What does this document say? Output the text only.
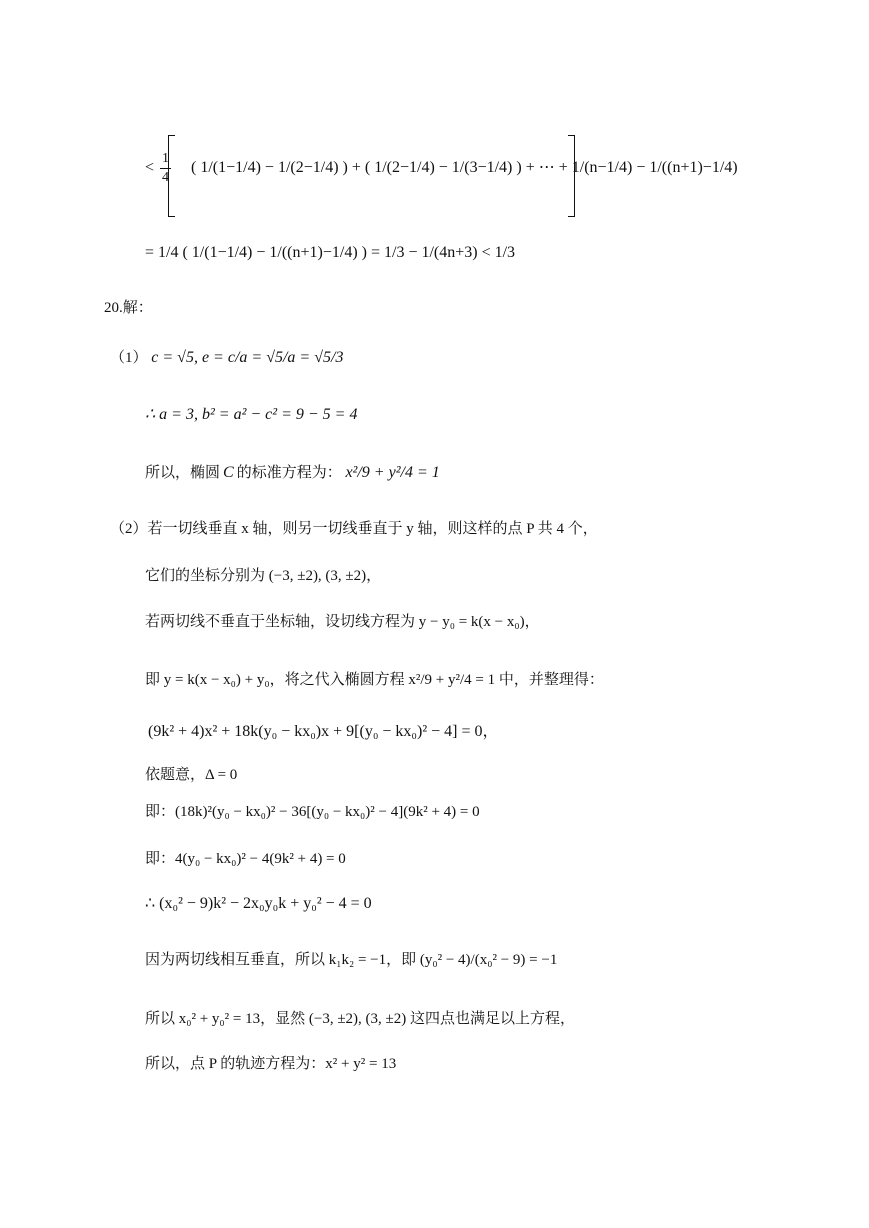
< $\frac{1}{4}$ ( 1/(1−1/4) − 1/(2−1/4) ) + ( 1/(2−1/4) − 1/(3−1/4) ) + ⋯ + 1/(n−1/4) − 1/((n+1)−1/4)
= 1/4 ( 1/(1−1/4) − 1/((n+1)−1/4) ) = 1/3 − 1/(4n+3) < 1/3
20.解：
（1） c = √5, e = c/a = √5/a = √5/3
∴ a = 3, b² = a² − c² = 9 − 5 = 4
所以，椭圆 C 的标准方程为： x²/9 + y²/4 = 1
（2）若一切线垂直 x 轴，则另一切线垂直于 y 轴，则这样的点 P 共 4 个，
它们的坐标分别为 (−3, ±2), (3, ±2)，
若两切线不垂直于坐标轴，设切线方程为 y − y₀ = k(x − x₀)，
即 y = k(x − x₀) + y₀，将之代入椭圆方程 x²/9 + y²/4 = 1 中，并整理得：
(9k² + 4)x² + 18k(y₀ − kx₀)x + 9[(y₀ − kx₀)² − 4] = 0，
依题意，Δ = 0
即：(18k)²(y₀ − kx₀)² − 36[(y₀ − kx₀)² − 4](9k² + 4) = 0
即：4(y₀ − kx₀)² − 4(9k² + 4) = 0
∴ (x₀² − 9)k² − 2x₀y₀k + y₀² − 4 = 0
因为两切线相互垂直，所以 k₁k₂ = −1，即 (y₀² − 4)/(x₀² − 9) = −1
所以 x₀² + y₀² = 13，显然 (−3, ±2), (3, ±2) 这四点也满足以上方程，
所以，点 P 的轨迹方程为：x² + y² = 13
